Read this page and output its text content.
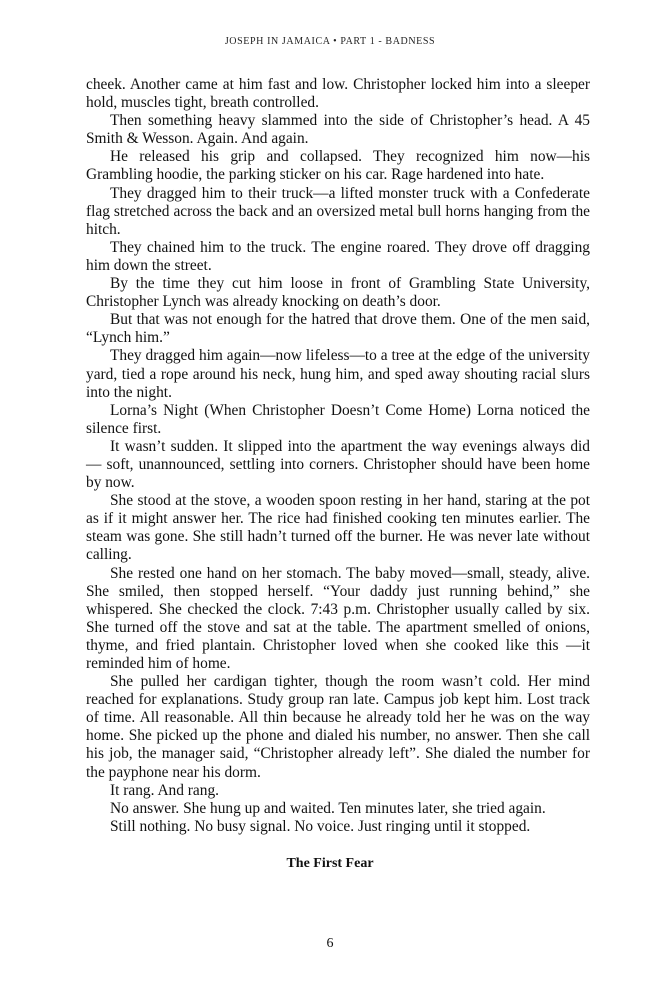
JOSEPH IN JAMAICA • PART 1 - BADNESS

cheek. Another came at him fast and low. Christopher locked him into a sleeper hold, muscles tight, breath controlled.

Then something heavy slammed into the side of Christopher’s head. A 45 Smith & Wesson. Again. And again.

He released his grip and collapsed. They recognized him now—his Grambling hoodie, the parking sticker on his car. Rage hardened into hate.

They dragged him to their truck—a lifted monster truck with a Confederate flag stretched across the back and an oversized metal bull horns hanging from the hitch.

They chained him to the truck. The engine roared. They drove off dragging him down the street.

By the time they cut him loose in front of Grambling State University, Christopher Lynch was already knocking on death’s door.

But that was not enough for the hatred that drove them. One of the men said, “Lynch him.”

They dragged him again—now lifeless—to a tree at the edge of the university yard, tied a rope around his neck, hung him, and sped away shouting racial slurs into the night.

Lorna’s Night (When Christopher Doesn’t Come Home) Lorna noticed the silence first.

It wasn’t sudden. It slipped into the apartment the way evenings always did — soft, unannounced, settling into corners. Christopher should have been home by now.

She stood at the stove, a wooden spoon resting in her hand, staring at the pot as if it might answer her. The rice had finished cooking ten minutes earlier. The steam was gone. She still hadn’t turned off the burner. He was never late without calling.

She rested one hand on her stomach. The baby moved—small, steady, alive. She smiled, then stopped herself. “Your daddy just running behind,” she whispered. She checked the clock. 7:43 p.m. Christopher usually called by six. She turned off the stove and sat at the table. The apartment smelled of onions, thyme, and fried plantain. Christopher loved when she cooked like this —it reminded him of home.

She pulled her cardigan tighter, though the room wasn’t cold. Her mind reached for explanations. Study group ran late. Campus job kept him. Lost track of time. All reasonable. All thin because he already told her he was on the way home. She picked up the phone and dialed his number, no answer. Then she call his job, the manager said, “Christopher already left”. She dialed the number for the payphone near his dorm.

It rang. And rang.

No answer. She hung up and waited. Ten minutes later, she tried again.

Still nothing. No busy signal. No voice. Just ringing until it stopped.

The First Fear
6
